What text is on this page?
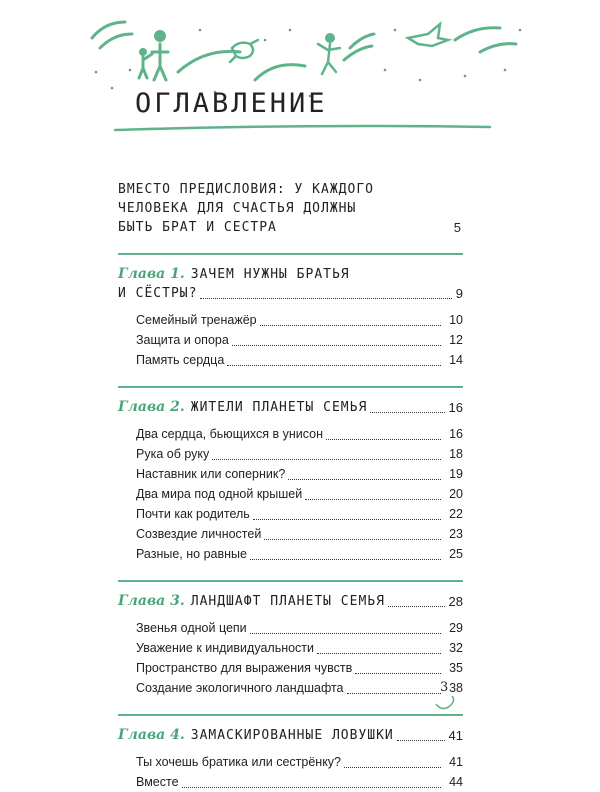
ОГЛАВЛЕНИЕ
ВМЕСТО ПРЕДИСЛОВИЯ: У КАЖДОГО
ЧЕЛОВЕКА ДЛЯ СЧАСТЬЯ ДОЛЖНЫ
БЫТЬ БРАТ И СЕСТРА	5
Глава 1. ЗАЧЕМ НУЖНЫ БРАТЬЯ
И СЁСТРЫ?	9
Семейный тренажёр	10
Защита и опора	12
Память сердца	14
Глава 2. ЖИТЕЛИ ПЛАНЕТЫ СЕМЬЯ	16
Два сердца, бьющихся в унисон	16
Рука об руку	18
Наставник или соперник?	19
Два мира под одной крышей	20
Почти как родитель	22
Созвездие личностей	23
Разные, но равные	25
Глава 3. ЛАНДШАФТ ПЛАНЕТЫ СЕМЬЯ	28
Звенья одной цепи	29
Уважение к индивидуальности	32
Пространство для выражения чувств	35
Создание экологичного ландшафта	38
Глава 4. ЗАМАСКИРОВАННЫЕ ЛОВУШКИ	41
Ты хочешь братика или сестрёнку?	41
Вместе	44
3
